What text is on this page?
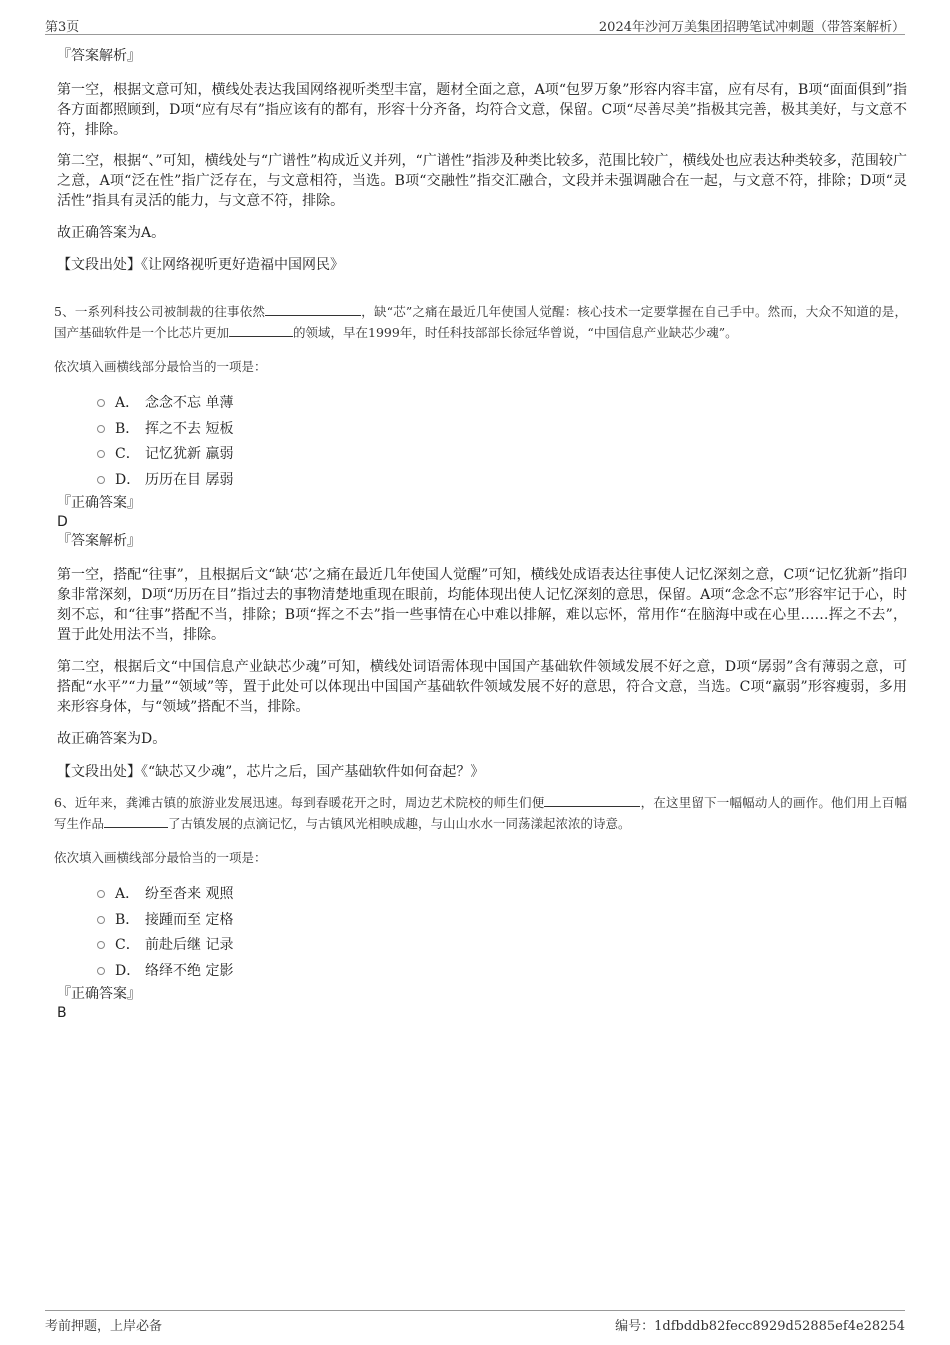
第3页	2024年沙河万美集团招聘笔试冲刺题（带答案解析）

『答案解析』

第一空，根据文意可知，横线处表达我国网络视听类型丰富，题材全面之意，A项“包罗万象”形容内容丰富，应有尽有，B项“面面俱到”指各方面都照顾到，D项“应有尽有”指应该有的都有，形容十分齐备，均符合文意，保留。C项“尽善尽美”指极其完善，极其美好，与文意不符，排除。

第二空，根据“、”可知，横线处与“广谱性”构成近义并列，“广谱性”指涉及种类比较多，范围比较广，横线处也应表达种类较多，范围较广之意，A项“泛在性”指广泛存在，与文意相符，当选。B项“交融性”指交汇融合，文段并未强调融合在一起，与文意不符，排除；D项“灵活性”指具有灵活的能力，与文意不符，排除。

故正确答案为A。

【文段出处】《让网络视听更好造福中国网民》

5、一系列科技公司被制裁的往事依然	，缺“芯”之痛在最近几年使国人觉醒：核心技术一定要掌握在自己手中。然而，大众不知道的是，国产基础软件是一个比芯片更加	的领域，早在1999年，时任科技部部长徐冠华曾说，“中国信息产业缺芯少魂”。

依次填入画横线部分最恰当的一项是：

A． 念念不忘 单薄
B． 挥之不去 短板
C． 记忆犹新 羸弱
D． 历历在目 孱弱

『正确答案』

D

『答案解析』

第一空，搭配“往事”，且根据后文“缺‘芯’之痛在最近几年使国人觉醒”可知，横线处成语表达往事使人记忆深刻之意，C项“记忆犹新”指印象非常深刻，D项“历历在目”指过去的事物清楚地重现在眼前，均能体现出使人记忆深刻的意思，保留。A项“念念不忘”形容牢记于心，时刻不忘，和“往事”搭配不当，排除；B项“挥之不去”指一些事情在心中难以排解，难以忘怀，常用作“在脑海中或在心里……挥之不去”，置于此处用法不当，排除。

第二空，根据后文“中国信息产业缺芯少魂”可知，横线处词语需体现中国国产基础软件领域发展不好之意，D项“孱弱”含有薄弱之意，可搭配“水平”“力量”“领域”等，置于此处可以体现出中国国产基础软件领域发展不好的意思，符合文意，当选。C项“羸弱”形容瘦弱，多用来形容身体，与“领域”搭配不当，排除。

故正确答案为D。

【文段出处】《“缺芯又少魂”，芯片之后，国产基础软件如何奋起？》

6、近年来，龚滩古镇的旅游业发展迅速。每到春暖花开之时，周边艺术院校的师生们便	，在这里留下一幅幅动人的画作。他们用上百幅写生作品	了古镇发展的点滴记忆，与古镇风光相映成趣，与山山水水一同荡漾起浓浓的诗意。

依次填入画横线部分最恰当的一项是：

A． 纷至沓来 观照
B． 接踵而至 定格
C． 前赴后继 记录
D． 络绎不绝 定影

『正确答案』

B

考前押题，上岸必备	编号：1dfbddb82fecc8929d52885ef4e28254
